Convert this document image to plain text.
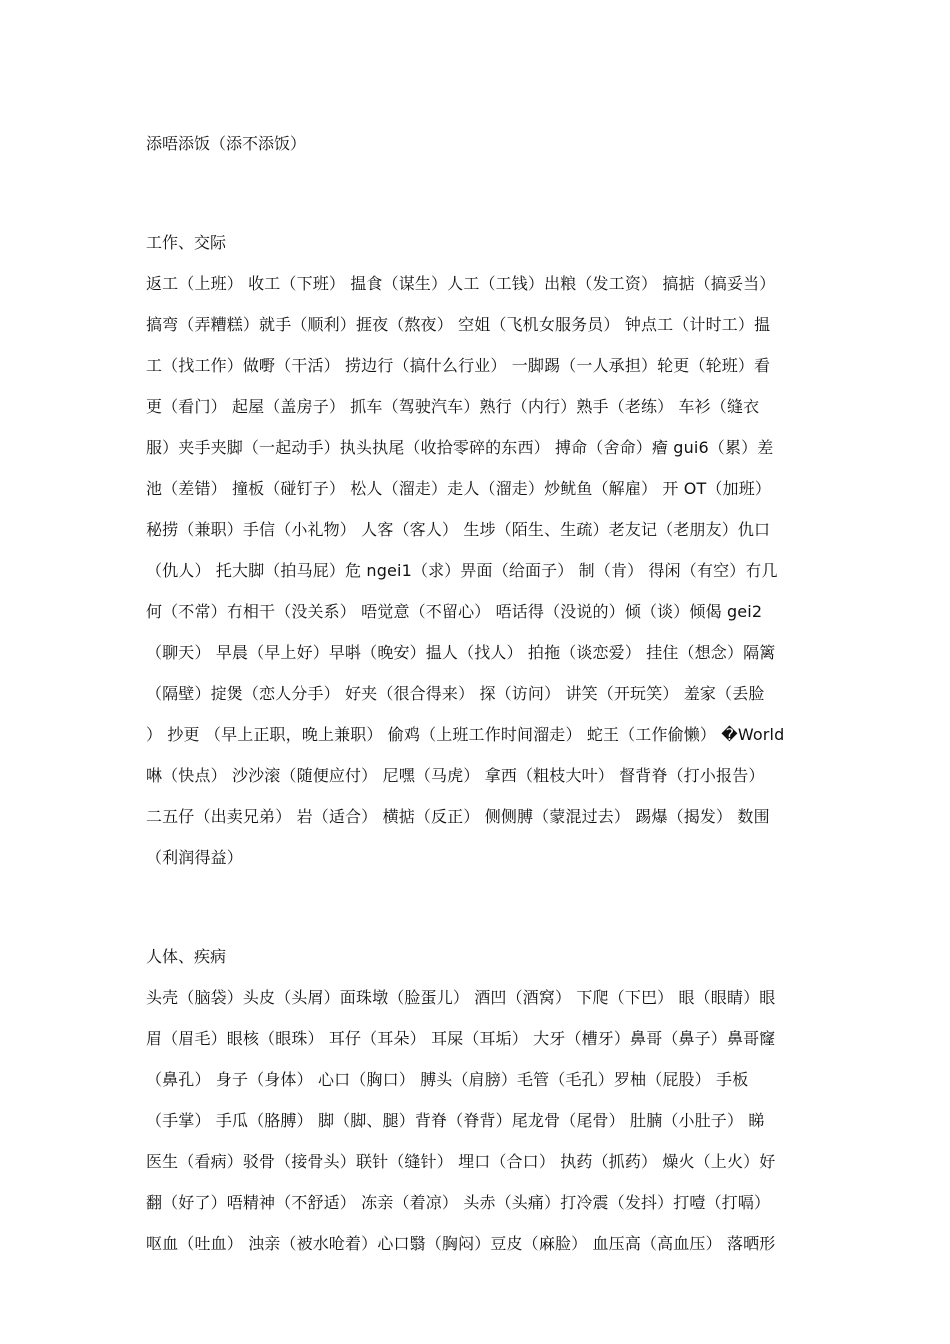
添唔添饭（添不添饭）
工作、交际
返工（上班） 收工（下班） 揾食（谋生）人工（工钱）出粮（发工资） 搞掂（搞妥当）
搞弯（弄糟糕）就手（顺利）捱夜（熬夜） 空姐（飞机女服务员） 钟点工（计时工）揾
工（找工作）做嘢（干活） 捞边行（搞什么行业） 一脚踢（一人承担）轮更（轮班）看
更（看门） 起屋（盖房子） 抓车（驾驶汽车）熟行（内行）熟手（老练） 车衫（缝衣
服）夹手夹脚（一起动手）执头执尾（收拾零碎的东西） 搏命（舍命）癐 gui6（累）差
池（差错） 撞板（碰钉子） 松人（溜走）走人（溜走）炒鱿鱼（解雇） 开 OT（加班）
秘捞（兼职）手信（小礼物） 人客（客人） 生埗（陌生、生疏）老友记（老朋友）仇口
（仇人） 托大脚（拍马屁）危 ngei1（求）畀面（给面子） 制（肯） 得闲（有空）冇几
何（不常）冇相干（没关系） 唔觉意（不留心） 唔话得（没说的）倾（谈）倾偈 gei2
（聊天） 早晨（早上好）早唞（晚安）揾人（找人） 拍拖（谈恋爱） 挂住（想念）隔篱
（隔壁）掟煲（恋人分手） 好夹（很合得来） 探（访问） 讲笑（开玩笑） 羞家（丢脸
） 抄更 （早上正职，晚上兼职） 偷鸡（上班工作时间溜走） 蛇王（工作偷懒） �World
啉（快点） 沙沙滚（随便应付） 尼嘿（马虎） 拿西（粗枝大叶） 督背脊（打小报告）
二五仔（出卖兄弟） 岩（适合） 横掂（反正） 侧侧膊（蒙混过去） 踢爆（揭发） 数围
（利润得益）
人体、疾病
头壳（脑袋）头皮（头屑）面珠墩（脸蛋儿） 酒凹（酒窝） 下爬（下巴） 眼（眼睛）眼
眉（眉毛）眼核（眼珠） 耳仔（耳朵） 耳屎（耳垢） 大牙（槽牙）鼻哥（鼻子）鼻哥窿
（鼻孔） 身子（身体） 心口（胸口） 膊头（肩膀）毛管（毛孔）罗柚（屁股） 手板
（手掌） 手瓜（胳膊） 脚（脚、腿）背脊（脊背）尾龙骨（尾骨） 肚腩（小肚子） 睇
医生（看病）驳骨（接骨头）联针（缝针） 埋口（合口） 执药（抓药） 燥火（上火）好
翻（好了）唔精神（不舒适） 冻亲（着凉） 头赤（头痛）打冷震（发抖）打噎（打嗝）
呕血（吐血） 浊亲（被水呛着）心口翳（胸闷）豆皮（麻脸） 血压高（高血压） 落晒形
